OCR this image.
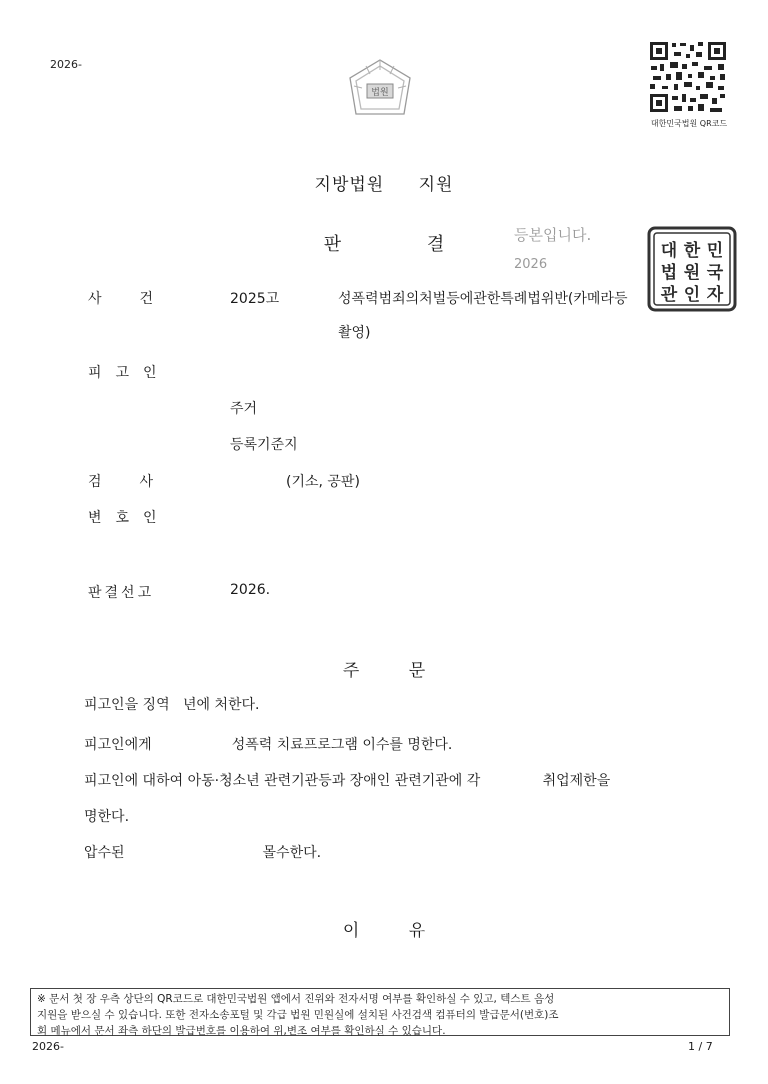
2026-
법원
대한민국법원 QR코드
지방법원 지원
판	결	등본입니다.
2026
대 한 민
법 원 국
관 인 자
사건	2025고	성폭력범죄의처벌등에관한특례법위반(카메라등
촬영)
피고인
주거
등록기준지
검사	(기소, 공판)
변호인
판결선고	2026.
주	문
피고인을 징역   년에 처한다.
피고인에게                  성폭력 치료프로그램 이수를 명한다.
피고인에 대하여 아동·청소년 관련기관등과 장애인 관련기관에 각              취업제한을
명한다.
압수된                               몰수한다.
이	유
※ 문서 첫 장 우측 상단의 QR코드로 대한민국법원 앱에서 진위와 전자서명 여부를 확인하실 수 있고, 텍스트 음성
지원을 받으실 수 있습니다. 또한 전자소송포털 및 각급 법원 민원실에 설치된 사건검색 컴퓨터의 발급문서(번호)조
회 메뉴에서 문서 좌측 하단의 발급번호를 이용하여 위,변조 여부를 확인하실 수 있습니다.
2026-	1 / 7
